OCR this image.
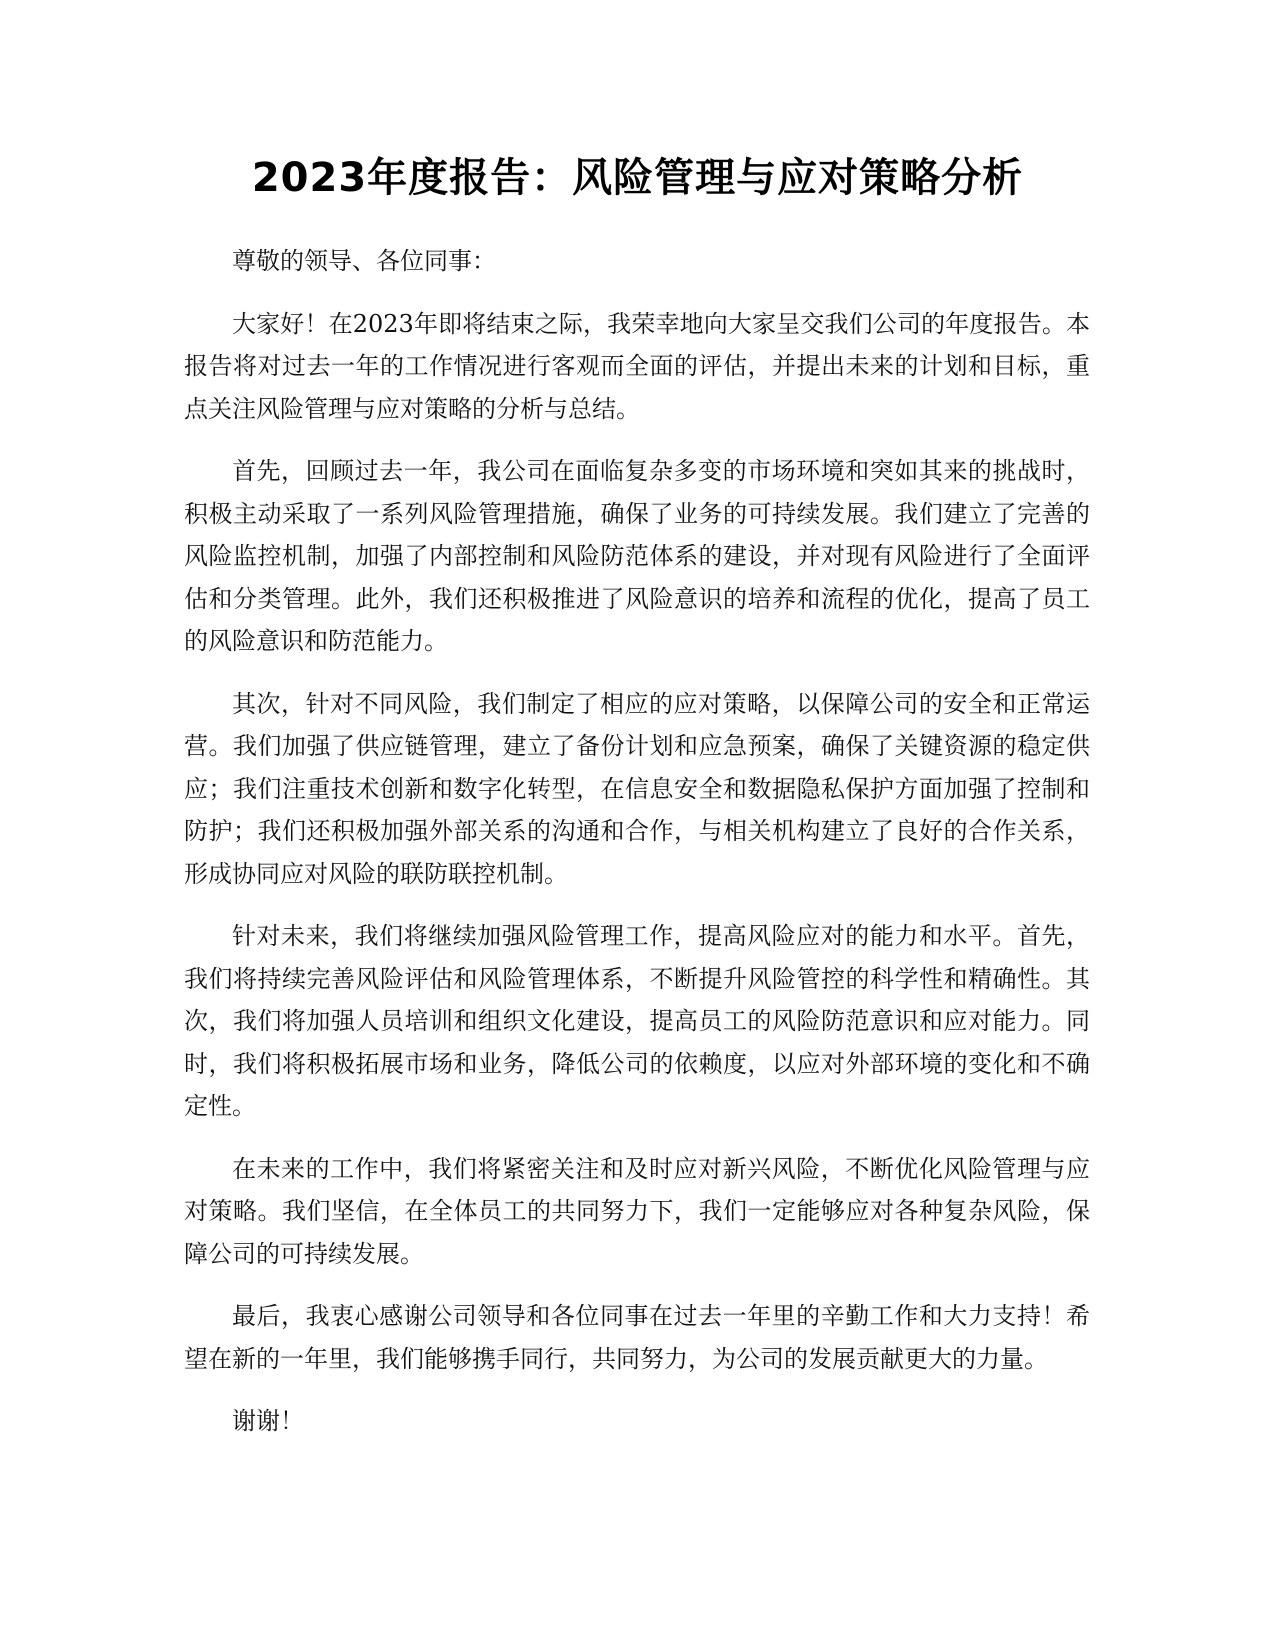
2023年度报告：风险管理与应对策略分析

尊敬的领导、各位同事：

大家好！在2023年即将结束之际，我荣幸地向大家呈交我们公司的年度报告。本报告将对过去一年的工作情况进行客观而全面的评估，并提出未来的计划和目标，重点关注风险管理与应对策略的分析与总结。

首先，回顾过去一年，我公司在面临复杂多变的市场环境和突如其来的挑战时，积极主动采取了一系列风险管理措施，确保了业务的可持续发展。我们建立了完善的风险监控机制，加强了内部控制和风险防范体系的建设，并对现有风险进行了全面评估和分类管理。此外，我们还积极推进了风险意识的培养和流程的优化，提高了员工的风险意识和防范能力。

其次，针对不同风险，我们制定了相应的应对策略，以保障公司的安全和正常运营。我们加强了供应链管理，建立了备份计划和应急预案，确保了关键资源的稳定供应；我们注重技术创新和数字化转型，在信息安全和数据隐私保护方面加强了控制和防护；我们还积极加强外部关系的沟通和合作，与相关机构建立了良好的合作关系，形成协同应对风险的联防联控机制。

针对未来，我们将继续加强风险管理工作，提高风险应对的能力和水平。首先，我们将持续完善风险评估和风险管理体系，不断提升风险管控的科学性和精确性。其次，我们将加强人员培训和组织文化建设，提高员工的风险防范意识和应对能力。同时，我们将积极拓展市场和业务，降低公司的依赖度，以应对外部环境的变化和不确定性。

在未来的工作中，我们将紧密关注和及时应对新兴风险，不断优化风险管理与应对策略。我们坚信，在全体员工的共同努力下，我们一定能够应对各种复杂风险，保障公司的可持续发展。

最后，我衷心感谢公司领导和各位同事在过去一年里的辛勤工作和大力支持！希望在新的一年里，我们能够携手同行，共同努力，为公司的发展贡献更大的力量。

谢谢！
